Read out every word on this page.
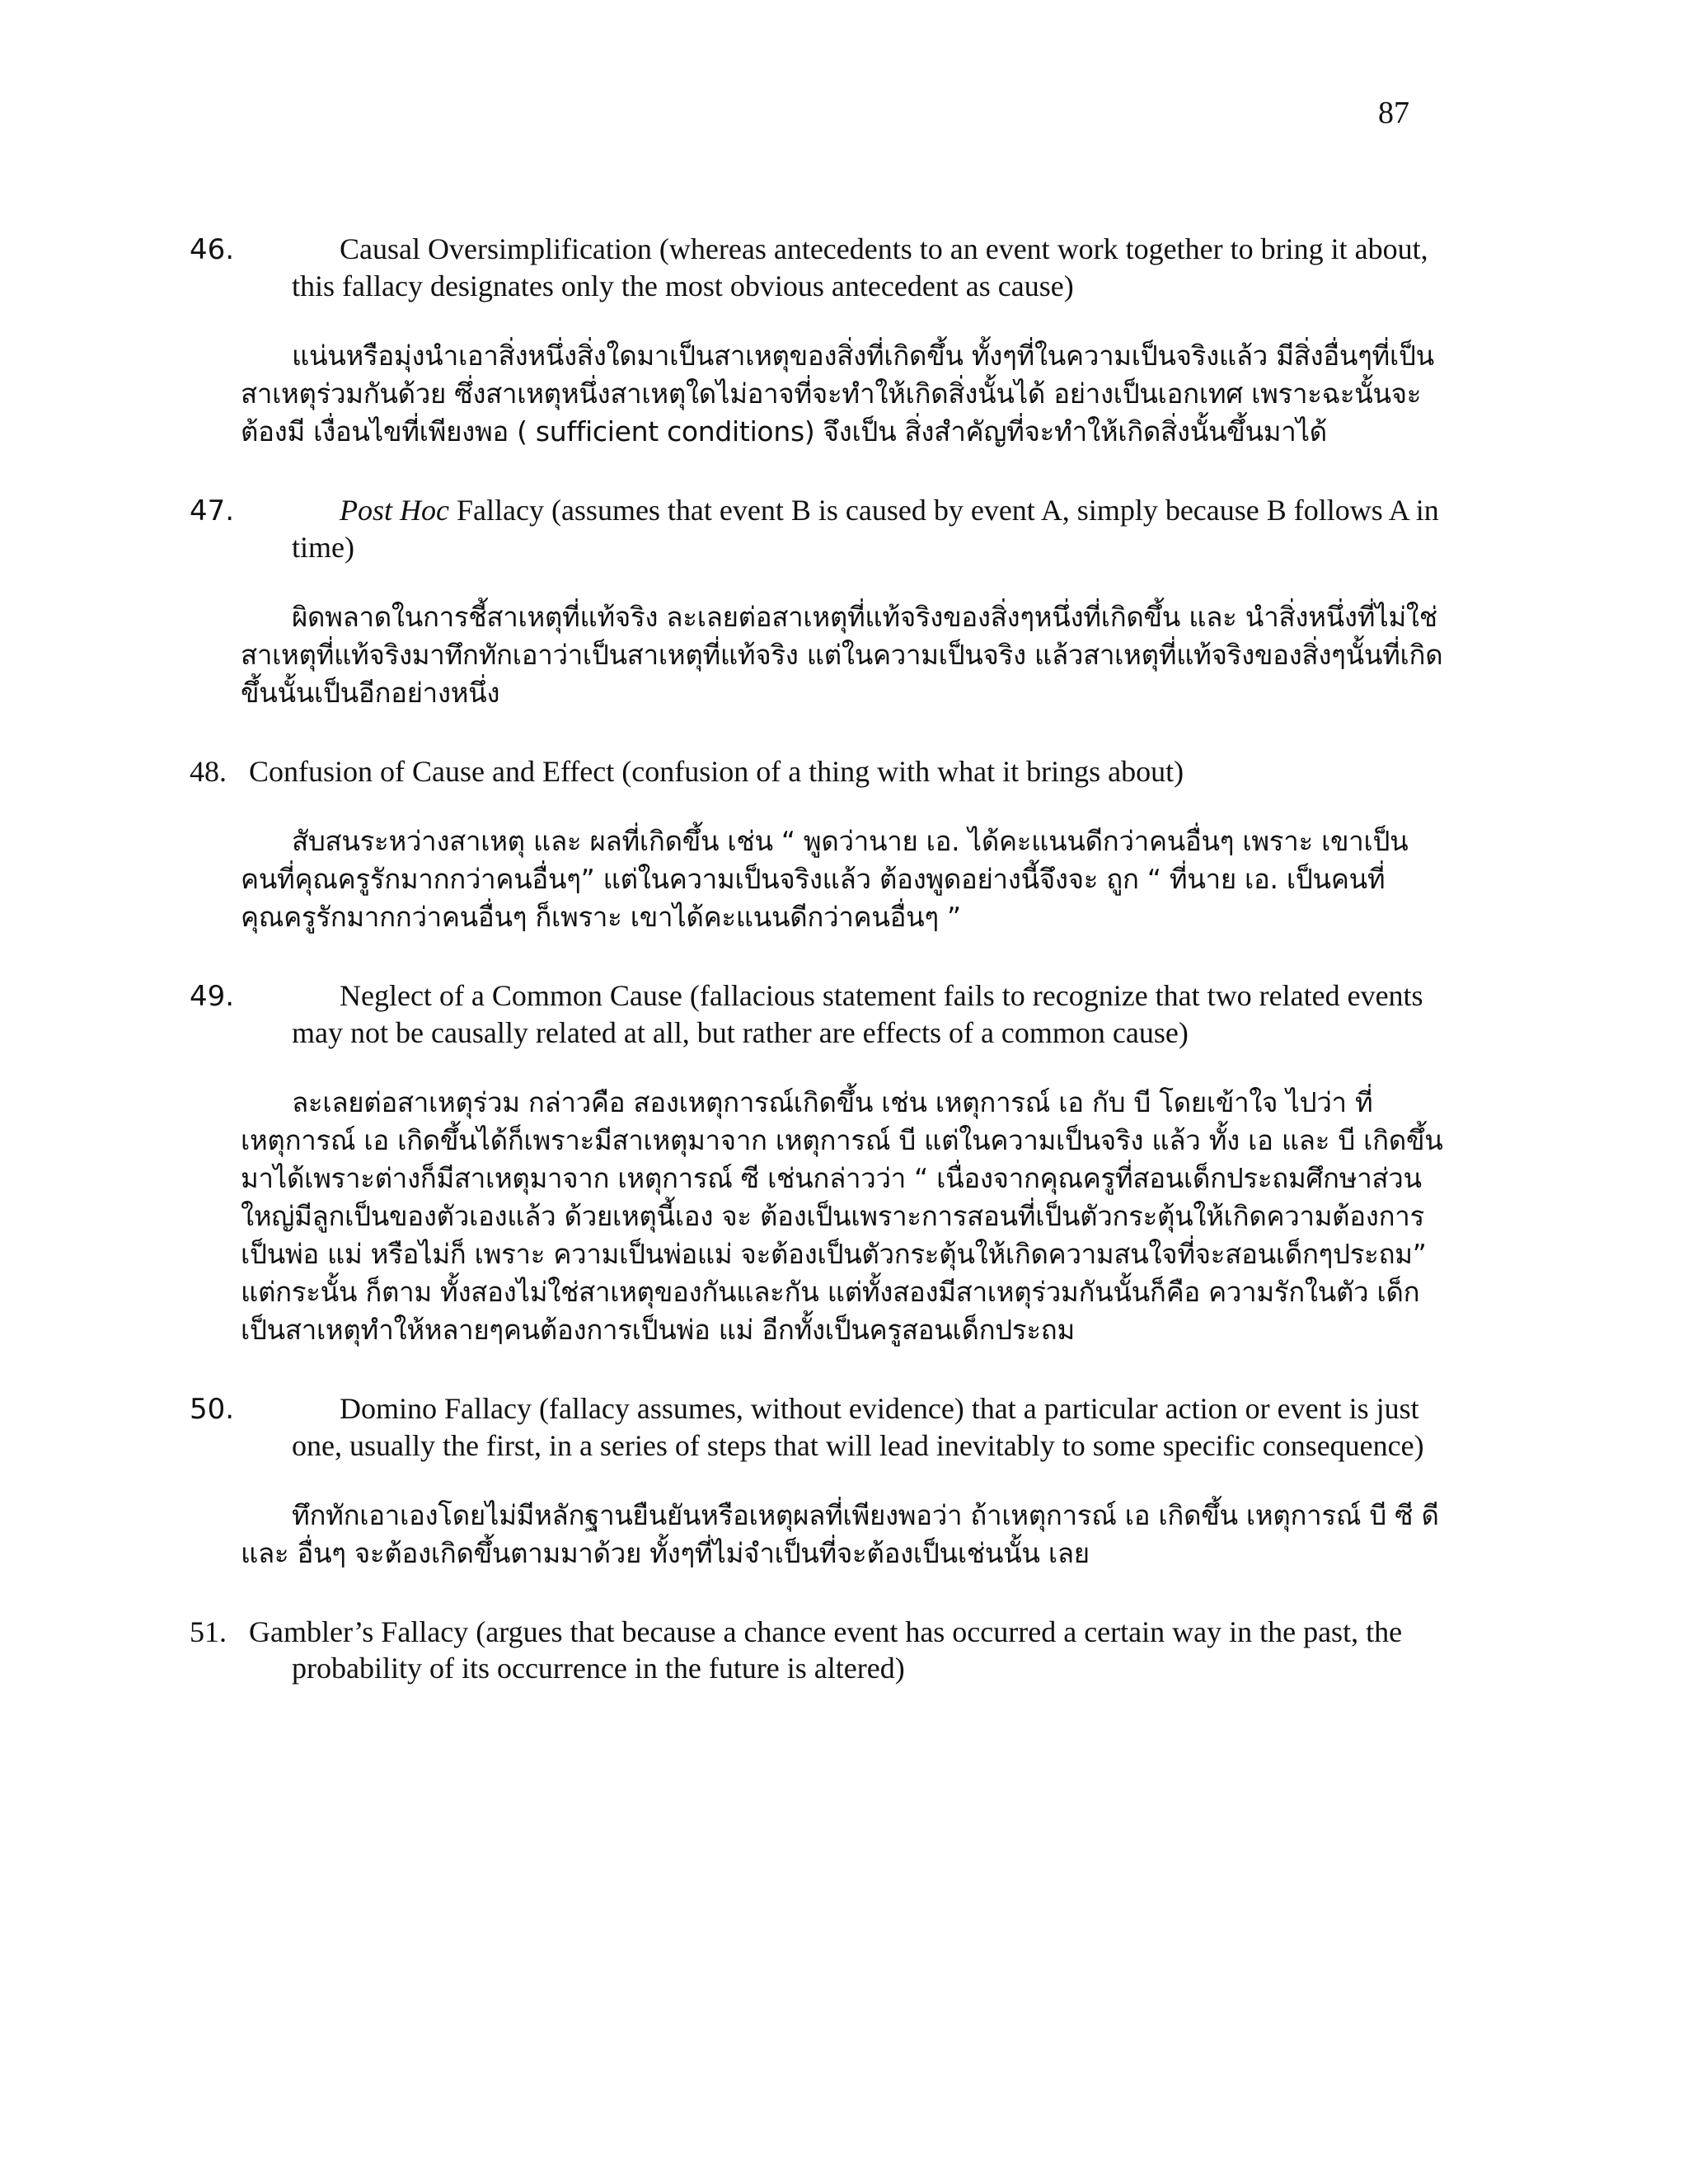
87

46.	Causal Oversimplification (whereas antecedents to an event work together to bring it about, this fallacy designates only the most obvious antecedent as cause)

แน่นหรือมุ่งนำเอาสิ่งหนึ่งสิ่งใดมาเป็นสาเหตุของสิ่งที่เกิดขึ้น ทั้งๆที่ในความเป็นจริงแล้ว มีสิ่งอื่นๆที่เป็นสาเหตุร่วมกันด้วย ซึ่งสาเหตุหนึ่งสาเหตุใดไม่อาจที่จะทำให้เกิดสิ่งนั้นได้ อย่างเป็นเอกเทศ เพราะฉะนั้นจะต้องมี เงื่อนไขที่เพียงพอ ( sufficient conditions) จึงเป็น สิ่งสำคัญที่จะทำให้เกิดสิ่งนั้นขึ้นมาได้

47.	Post Hoc Fallacy (assumes that event B is caused by event A, simply because B follows A in time)

ผิดพลาดในการชี้สาเหตุที่แท้จริง ละเลยต่อสาเหตุที่แท้จริงของสิ่งๆหนึ่งที่เกิดขึ้น และ นำสิ่งหนึ่งที่ไม่ใช่สาเหตุที่แท้จริงมาทึกทักเอาว่าเป็นสาเหตุที่แท้จริง แต่ในความเป็นจริง แล้วสาเหตุที่แท้จริงของสิ่งๆนั้นที่เกิดขึ้นนั้นเป็นอีกอย่างหนึ่ง

48. Confusion of Cause and Effect (confusion of a thing with what it brings about)

สับสนระหว่างสาเหตุ และ ผลที่เกิดขึ้น เช่น “ พูดว่านาย เอ. ได้คะแนนดีกว่าคนอื่นๆ เพราะ เขาเป็นคนที่คุณครูรักมากกว่าคนอื่นๆ” แต่ในความเป็นจริงแล้ว ต้องพูดอย่างนี้จึงจะ ถูก “ ที่นาย เอ. เป็นคนที่คุณครูรักมากกว่าคนอื่นๆ ก็เพราะ เขาได้คะแนนดีกว่าคนอื่นๆ ”

49.	Neglect of a Common Cause (fallacious statement fails to recognize that two related events may not be causally related at all, but rather are effects of a common cause)

ละเลยต่อสาเหตุร่วม กล่าวคือ สองเหตุการณ์เกิดขึ้น เช่น เหตุการณ์ เอ กับ บี โดยเข้าใจ ไปว่า ที่เหตุการณ์ เอ เกิดขึ้นได้ก็เพราะมีสาเหตุมาจาก เหตุการณ์ บี แต่ในความเป็นจริง แล้ว ทั้ง เอ และ บี เกิดขึ้นมาได้เพราะต่างก็มีสาเหตุมาจาก เหตุการณ์ ซี เช่นกล่าวว่า “ เนื่องจากคุณครูที่สอนเด็กประถมศึกษาส่วนใหญ่มีลูกเป็นของตัวเองแล้ว ด้วยเหตุนี้เอง จะ ต้องเป็นเพราะการสอนที่เป็นตัวกระตุ้นให้เกิดความต้องการเป็นพ่อ แม่ หรือไม่ก็ เพราะ ความเป็นพ่อแม่ จะต้องเป็นตัวกระตุ้นให้เกิดความสนใจที่จะสอนเด็กๆประถม” แต่กระนั้น ก็ตาม ทั้งสองไม่ใช่สาเหตุของกันและกัน แต่ทั้งสองมีสาเหตุร่วมกันนั้นก็คือ ความรักในตัว เด็ก เป็นสาเหตุทำให้หลายๆคนต้องการเป็นพ่อ แม่ อีกทั้งเป็นครูสอนเด็กประถม

50.	Domino Fallacy (fallacy assumes, without evidence) that a particular action or event is just one, usually the first, in a series of steps that will lead inevitably to some specific consequence)

ทึกทักเอาเองโดยไม่มีหลักฐานยืนยันหรือเหตุผลที่เพียงพอว่า ถ้าเหตุการณ์ เอ เกิดขึ้น เหตุการณ์ บี ซี ดี และ อื่นๆ จะต้องเกิดขึ้นตามมาด้วย ทั้งๆที่ไม่จำเป็นที่จะต้องเป็นเช่นนั้น เลย

51. Gambler’s Fallacy (argues that because a chance event has occurred a certain way in the past, the probability of its occurrence in the future is altered)
